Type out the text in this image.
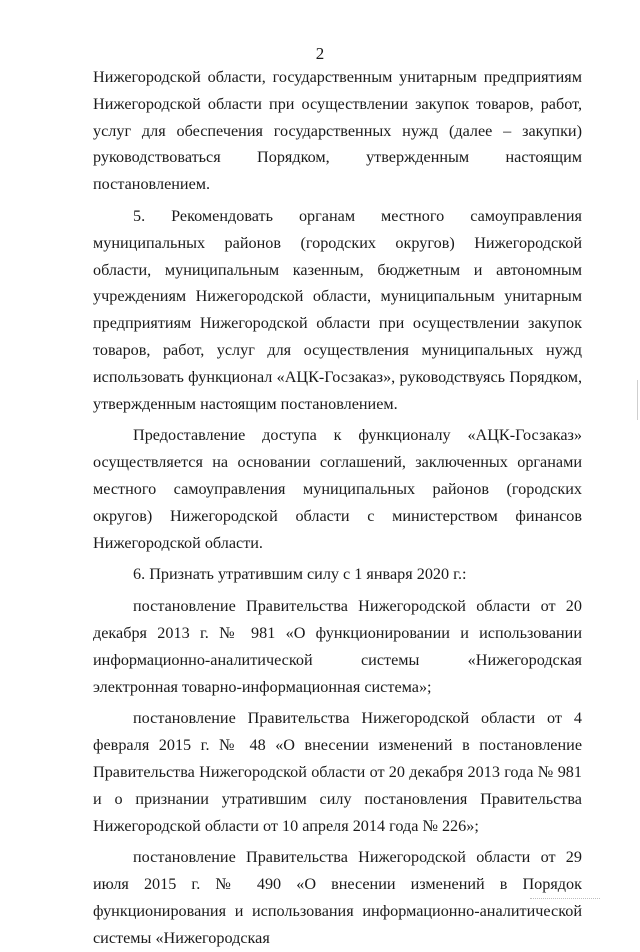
2

Нижегородской области, государственным унитарным предприятиям Нижегородской области при осуществлении закупок товаров, работ, услуг для обеспечения государственных нужд (далее – закупки) руководствоваться Порядком, утвержденным настоящим постановлением.

5. Рекомендовать органам местного самоуправления муниципальных районов (городских округов) Нижегородской области, муниципальным казенным, бюджетным и автономным учреждениям Нижегородской области, муниципальным унитарным предприятиям Нижегородской области при осуществлении закупок товаров, работ, услуг для осуществления муниципальных нужд использовать функционал «АЦК-Госзаказ», руководствуясь Порядком, утвержденным настоящим постановлением.

Предоставление доступа к функционалу «АЦК-Госзаказ» осуществляется на основании соглашений, заключенных органами местного самоуправления муниципальных районов (городских округов) Нижегородской области с министерством финансов Нижегородской области.

6. Признать утратившим силу с 1 января 2020 г.:

постановление Правительства Нижегородской области от 20 декабря 2013 г. № 981 «О функционировании и использовании информационно-аналитической системы «Нижегородская электронная товарно-информационная система»;

постановление Правительства Нижегородской области от 4 февраля 2015 г. № 48 «О внесении изменений в постановление Правительства Нижегородской области от 20 декабря 2013 года № 981 и о признании утратившим силу постановления Правительства Нижегородской области от 10 апреля 2014 года № 226»;

постановление Правительства Нижегородской области от 29 июля 2015 г. № 490 «О внесении изменений в Порядок функционирования и использования информационно-аналитической системы «Нижегородская
